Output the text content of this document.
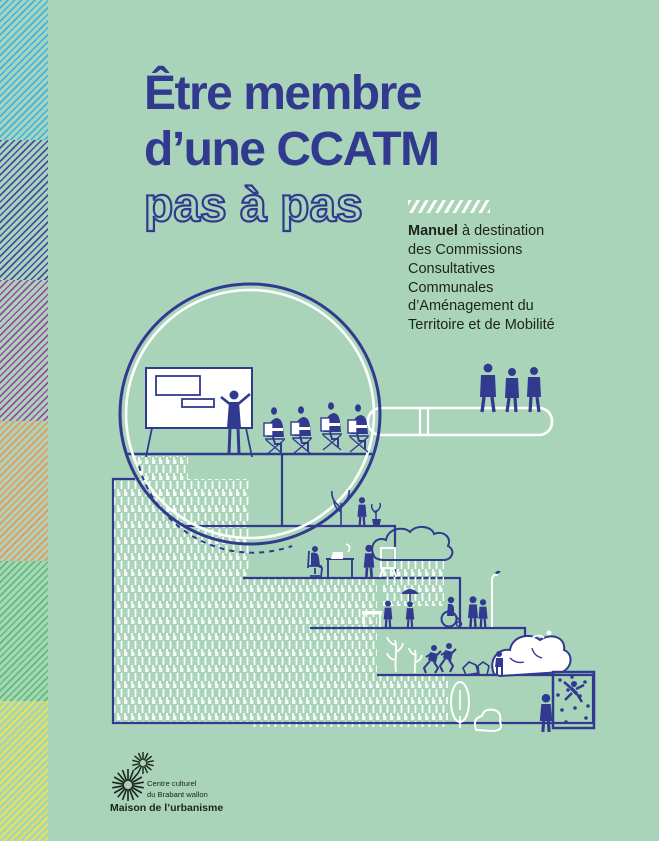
Être membre
d’une CCATM
pas à pas	Manuel à destination
des Commissions
Consultatives
Communales
d’Aménagement du
Territoire et de Mobilité
Centre culturel
du Brabant wallon
Maison de l’urbanisme
